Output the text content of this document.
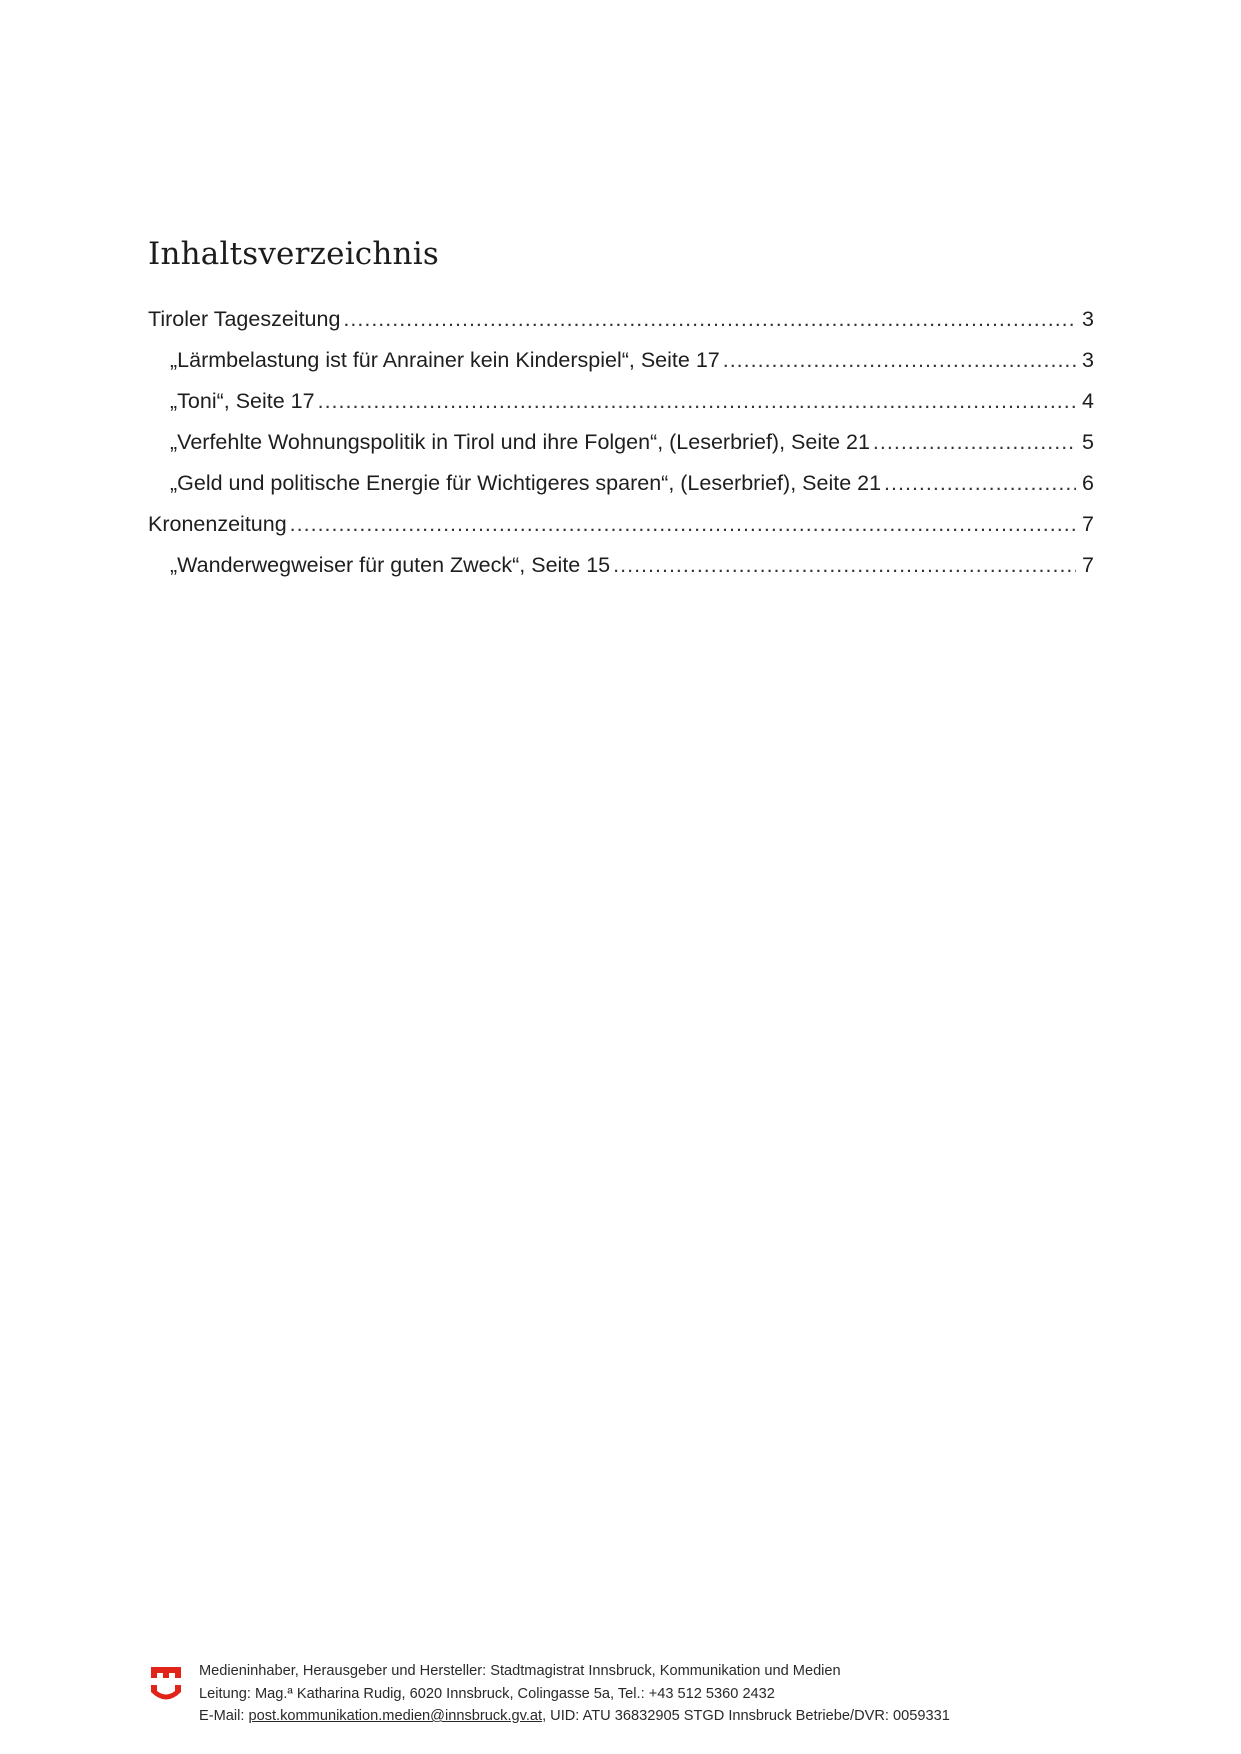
Inhaltsverzeichnis
Tiroler Tageszeitung .....	3
„Lärmbelastung ist für Anrainer kein Kinderspiel“, Seite 17 .....	3
„Toni“, Seite 17 .....	4
„Verfehlte Wohnungspolitik in Tirol und ihre Folgen“, (Leserbrief), Seite 21 .....	5
„Geld und politische Energie für Wichtigeres sparen“, (Leserbrief), Seite 21 .....	6
Kronenzeitung .....	7
„Wanderwegweiser für guten Zweck“, Seite 15 .....	7
Medieninhaber, Herausgeber und Hersteller: Stadtmagistrat Innsbruck, Kommunikation und Medien
Leitung: Mag.ª Katharina Rudig, 6020 Innsbruck, Colingasse 5a, Tel.: +43 512 5360 2432
E-Mail: post.kommunikation.medien@innsbruck.gv.at, UID: ATU 36832905 STGD Innsbruck Betriebe/DVR: 0059331
